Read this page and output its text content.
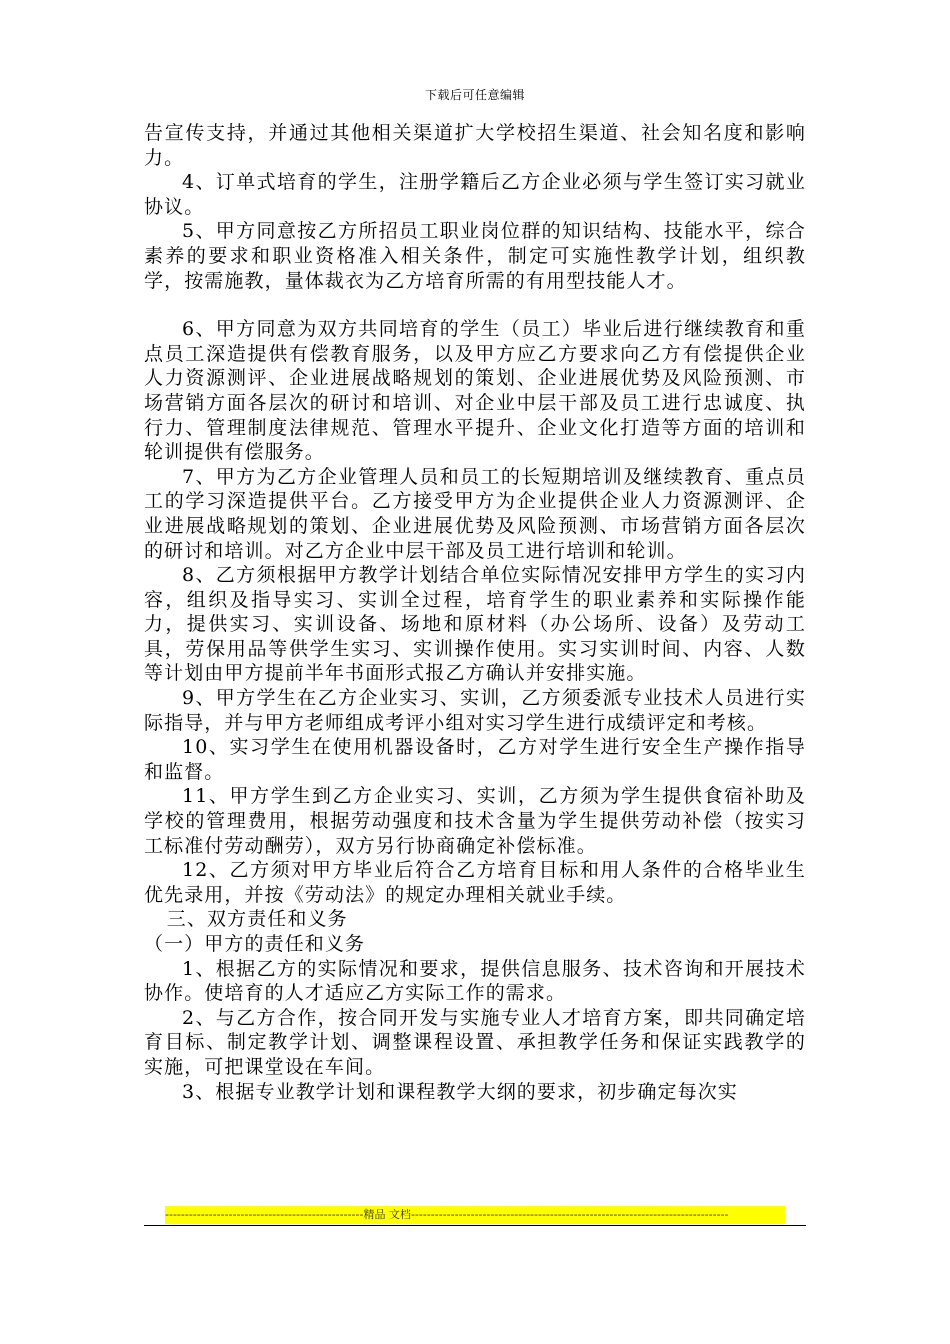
下载后可任意编辑

告宣传支持，并通过其他相关渠道扩大学校招生渠道、社会知名度和影响力。

4、订单式培育的学生，注册学籍后乙方企业必须与学生签订实习就业协议。

5、甲方同意按乙方所招员工职业岗位群的知识结构、技能水平，综合素养的要求和职业资格准入相关条件，制定可实施性教学计划，组织教学，按需施教，量体裁衣为乙方培育所需的有用型技能人才。

6、甲方同意为双方共同培育的学生（员工）毕业后进行继续教育和重点员工深造提供有偿教育服务，以及甲方应乙方要求向乙方有偿提供企业人力资源测评、企业进展战略规划的策划、企业进展优势及风险预测、市场营销方面各层次的研讨和培训、对企业中层干部及员工进行忠诚度、执行力、管理制度法律规范、管理水平提升、企业文化打造等方面的培训和轮训提供有偿服务。

7、甲方为乙方企业管理人员和员工的长短期培训及继续教育、重点员工的学习深造提供平台。乙方接受甲方为企业提供企业人力资源测评、企业进展战略规划的策划、企业进展优势及风险预测、市场营销方面各层次的研讨和培训。对乙方企业中层干部及员工进行培训和轮训。

8、乙方须根据甲方教学计划结合单位实际情况安排甲方学生的实习内容，组织及指导实习、实训全过程，培育学生的职业素养和实际操作能力，提供实习、实训设备、场地和原材料（办公场所、设备）及劳动工具，劳保用品等供学生实习、实训操作使用。实习实训时间、内容、人数等计划由甲方提前半年书面形式报乙方确认并安排实施。

9、甲方学生在乙方企业实习、实训，乙方须委派专业技术人员进行实际指导，并与甲方老师组成考评小组对实习学生进行成绩评定和考核。

10、实习学生在使用机器设备时，乙方对学生进行安全生产操作指导和监督。

11、甲方学生到乙方企业实习、实训，乙方须为学生提供食宿补助及学校的管理费用，根据劳动强度和技术含量为学生提供劳动补偿（按实习工标准付劳动酬劳），双方另行协商确定补偿标准。

12、乙方须对甲方毕业后符合乙方培育目标和用人条件的合格毕业生优先录用，并按《劳动法》的规定办理相关就业手续。

三、双方责任和义务

（一）甲方的责任和义务

1、根据乙方的实际情况和要求，提供信息服务、技术咨询和开展技术协作。使培育的人才适应乙方实际工作的需求。

2、与乙方合作，按合同开发与实施专业人才培育方案，即共同确定培育目标、制定教学计划、调整课程设置、承担教学任务和保证实践教学的实施，可把课堂设在车间。

3、根据专业教学计划和课程教学大纲的要求，初步确定每次实

--------------------------------------------------精品 文档--------------------------------------------------------------------------------
